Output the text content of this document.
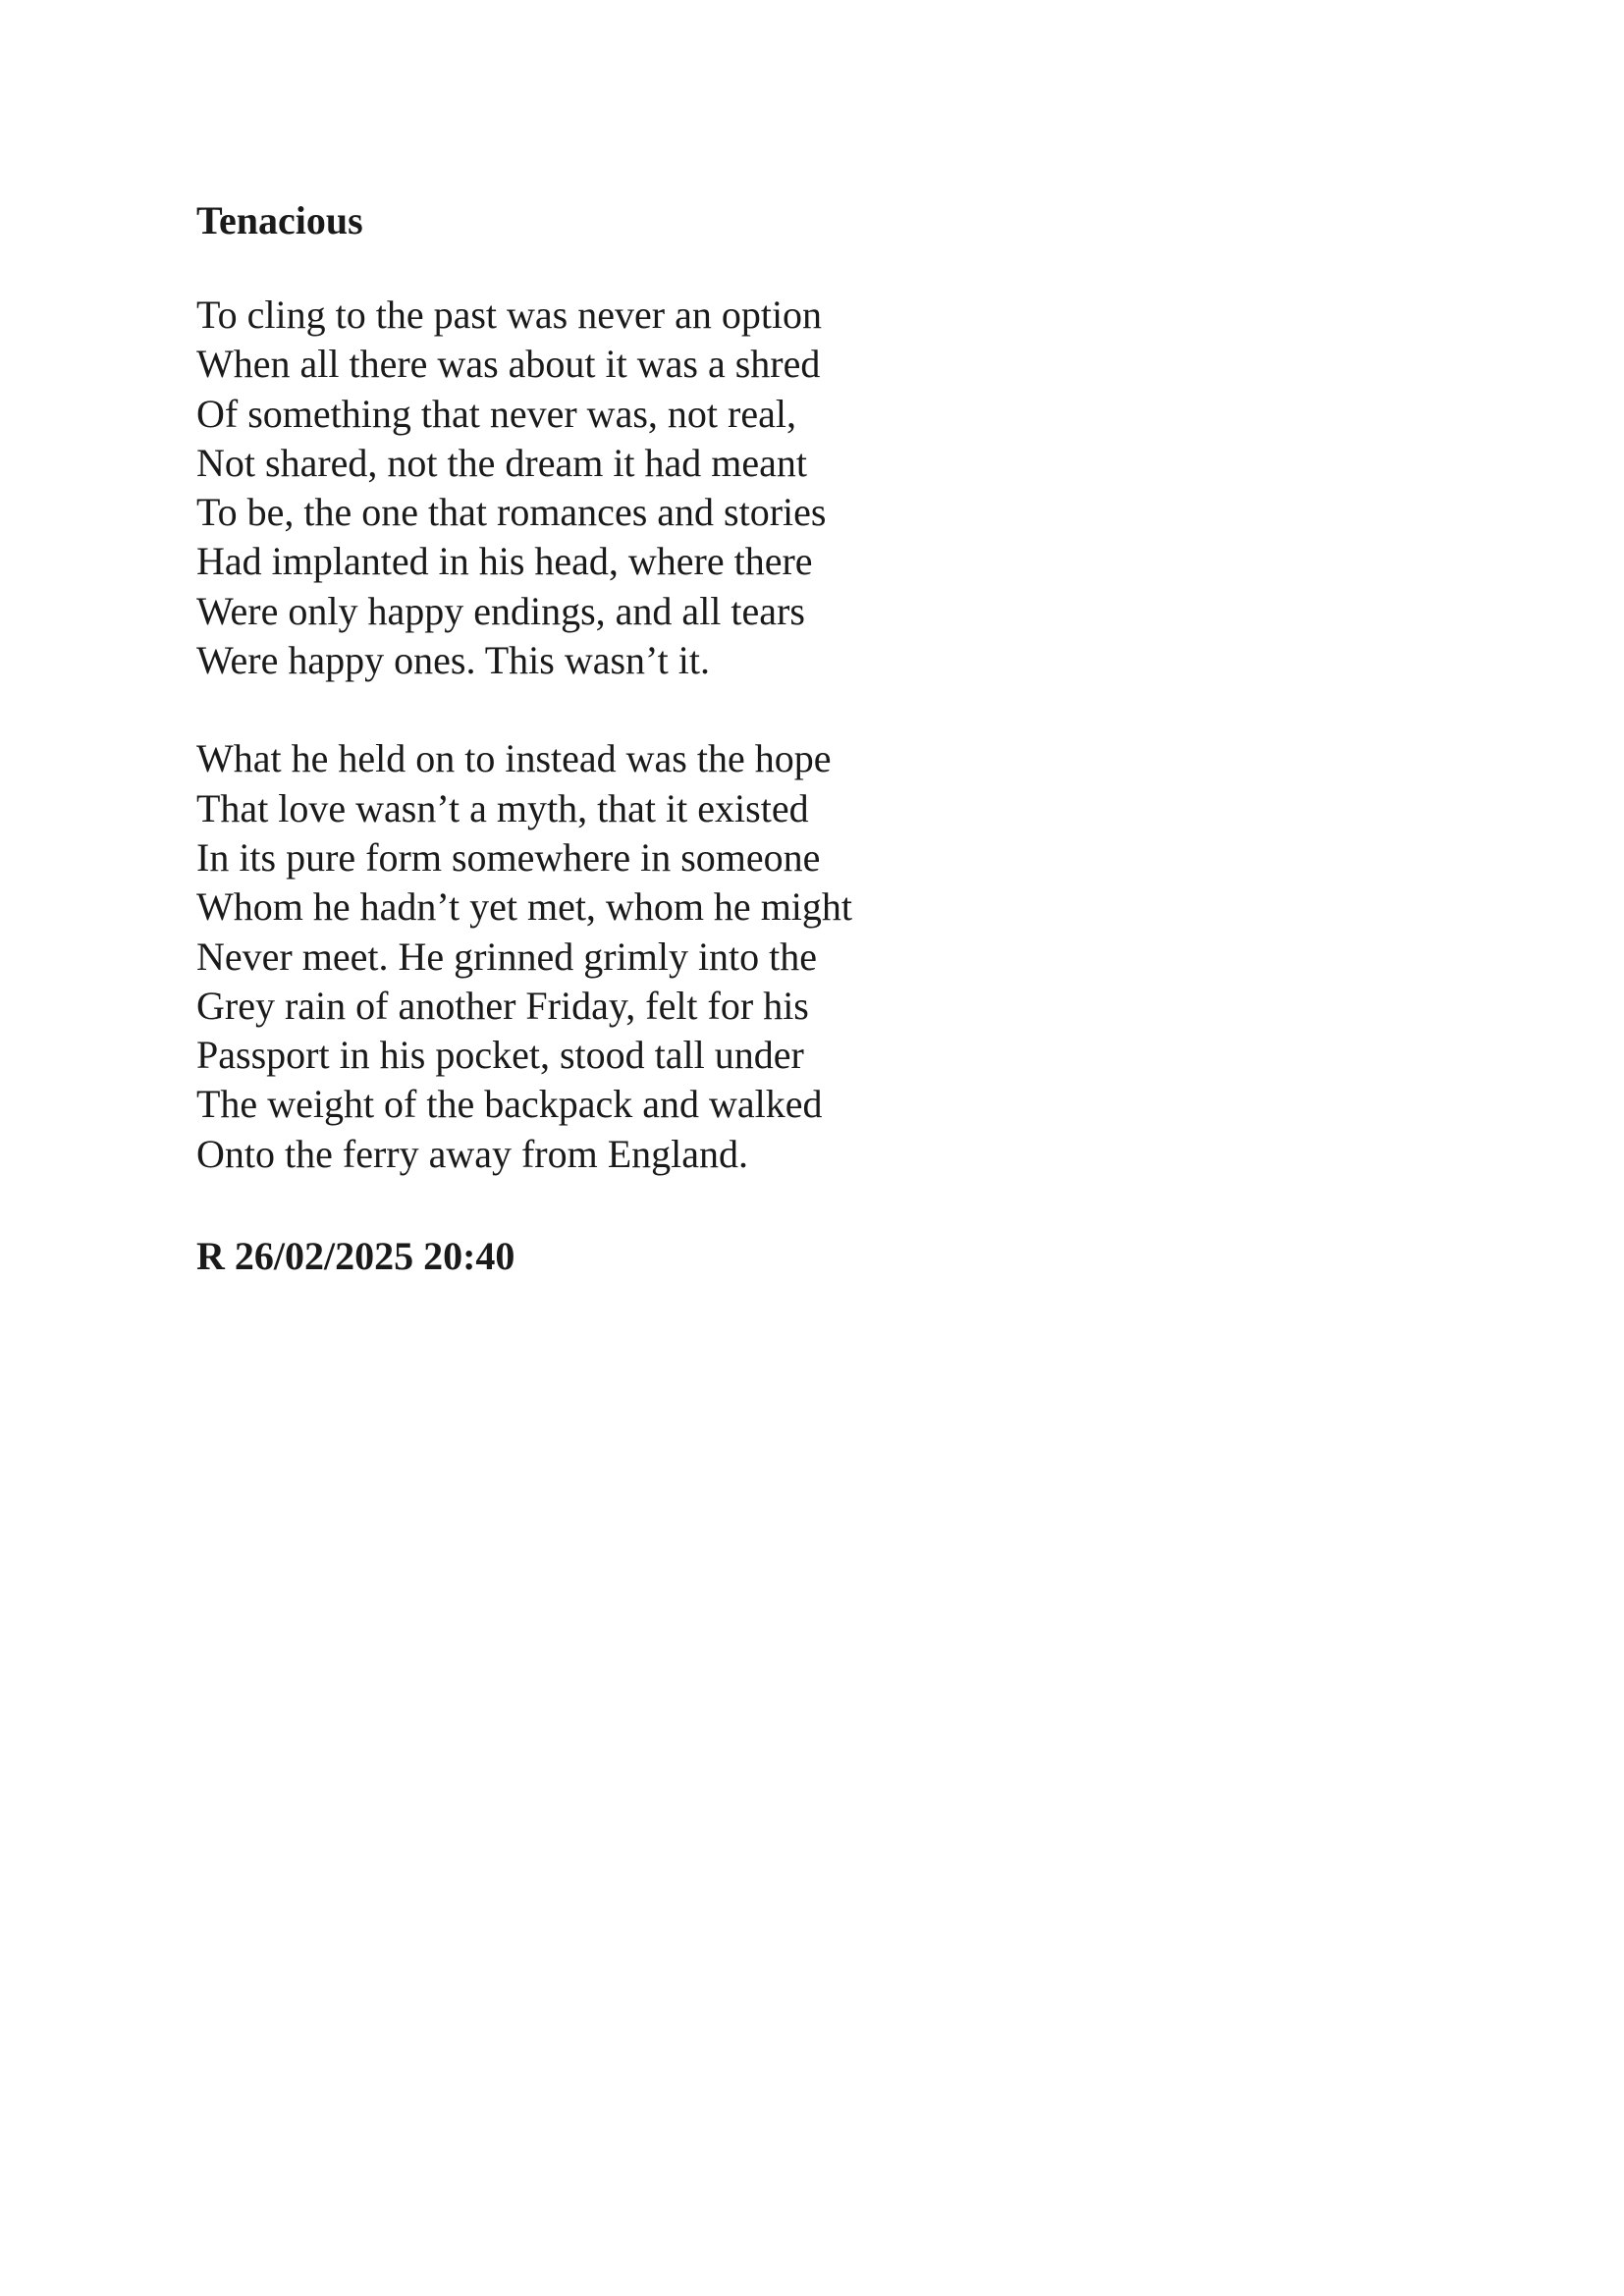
Tenacious
To cling to the past was never an option
When all there was about it was a shred
Of something that never was, not real,
Not shared, not the dream it had meant
To be, the one that romances and stories
Had implanted in his head, where there
Were only happy endings, and all tears
Were happy ones. This wasn’t it.
What he held on to instead was the hope
That love wasn’t a myth, that it existed
In its pure form somewhere in someone
Whom he hadn’t yet met, whom he might
Never meet. He grinned grimly into the
Grey rain of another Friday, felt for his
Passport in his pocket, stood tall under
The weight of the backpack and walked
Onto the ferry away from England.

R 26/02/2025 20:40
